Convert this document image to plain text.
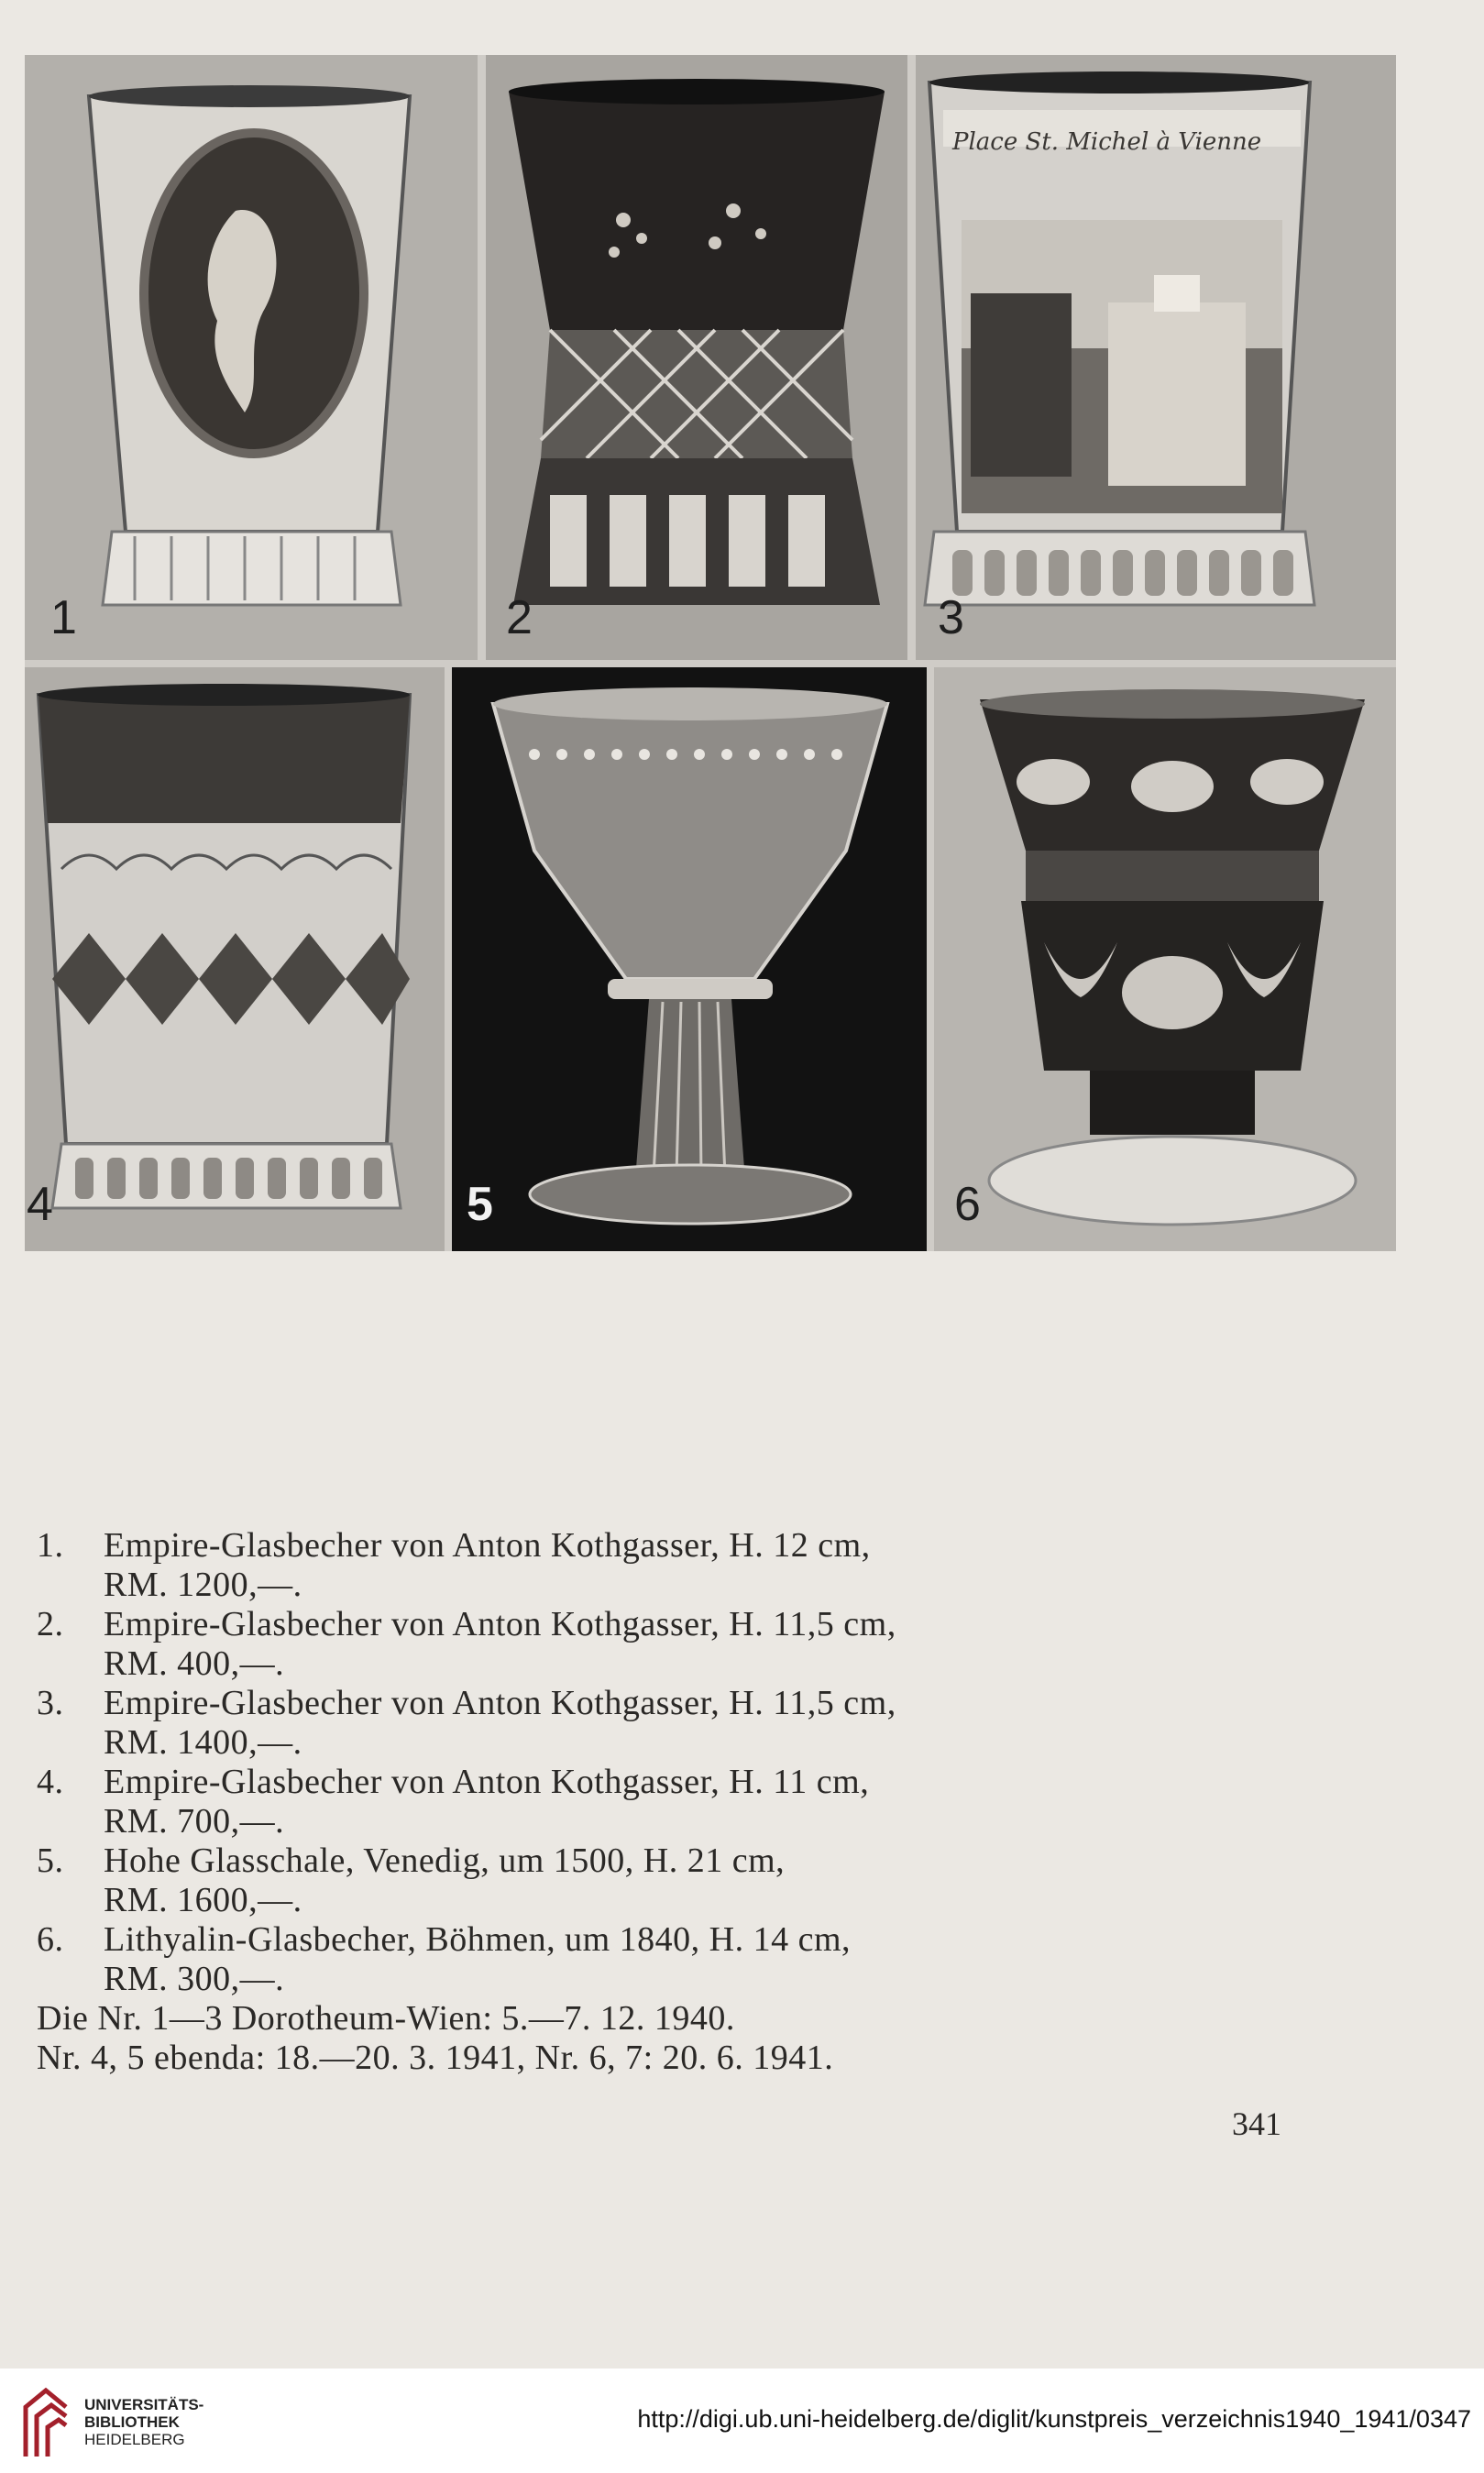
1	2
Place St. Michel à Vienne
3
4	5	6
1.	Empire-Glasbecher von Anton Kothgasser, H. 12 cm,
RM. 1200,—.
2.	Empire-Glasbecher von Anton Kothgasser, H. 11,5 cm,
RM. 400,—.
3.	Empire-Glasbecher von Anton Kothgasser, H. 11,5 cm,
RM. 1400,—.
4.	Empire-Glasbecher von Anton Kothgasser, H. 11 cm,
RM. 700,—.
5.	Hohe Glasschale, Venedig, um 1500, H. 21 cm,
RM. 1600,—.
6.	Lithyalin-Glasbecher, Böhmen, um 1840, H. 14 cm,
RM. 300,—.
Die Nr. 1—3 Dorotheum-Wien: 5.—7. 12. 1940.
Nr. 4, 5 ebenda: 18.—20. 3. 1941, Nr. 6, 7: 20. 6. 1941.
341
UNIVERSITÄTS-
BIBLIOTHEK
HEIDELBERG
http://digi.ub.uni-heidelberg.de/diglit/kunstpreis_verzeichnis1940_1941/0347
